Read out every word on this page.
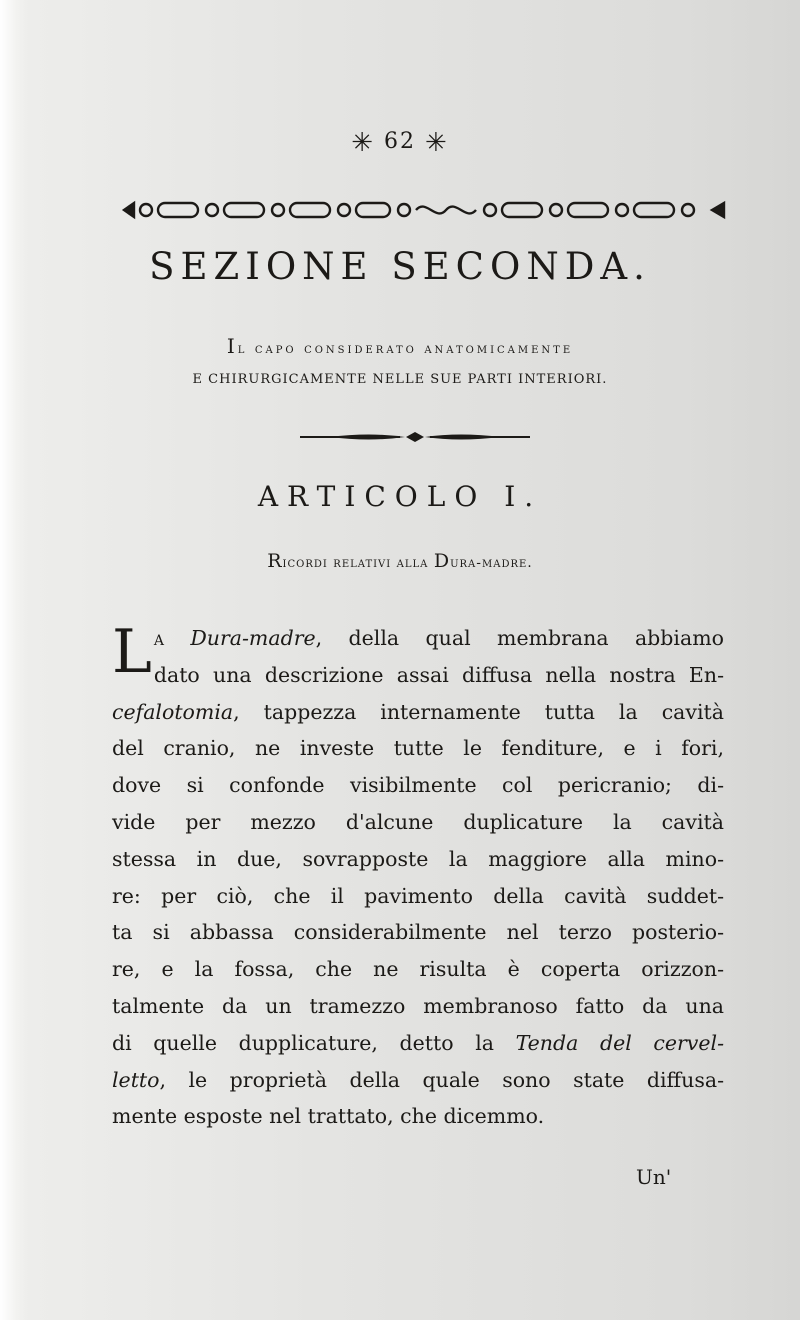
✳ 62 ✳
SEZIONE SECONDA.
Il capo considerato anatomicamente
E CHIRURGICAMENTE NELLE SUE PARTI INTERIORI.
ARTICOLO I.
Ricordi relativi alla Dura-madre.
La Dura-madre, della qual membrana abbiamo
dato una descrizione assai diffusa nella nostra En-
cefalotomia, tappezza internamente tutta la cavità
del cranio, ne investe tutte le fenditure, e i fori,
dove si confonde visibilmente col pericranio; di-
vide per mezzo d'alcune duplicature la cavità
stessa in due, sovrapposte la maggiore alla mino-
re: per ciò, che il pavimento della cavità suddet-
ta si abbassa considerabilmente nel terzo posterio-
re, e la fossa, che ne risulta è coperta orizzon-
talmente da un tramezzo membranoso fatto da una
di quelle dupplicature, detto la Tenda del cervel-
letto, le proprietà della quale sono state diffusa-
mente esposte nel trattato, che dicemmo.
Un'
